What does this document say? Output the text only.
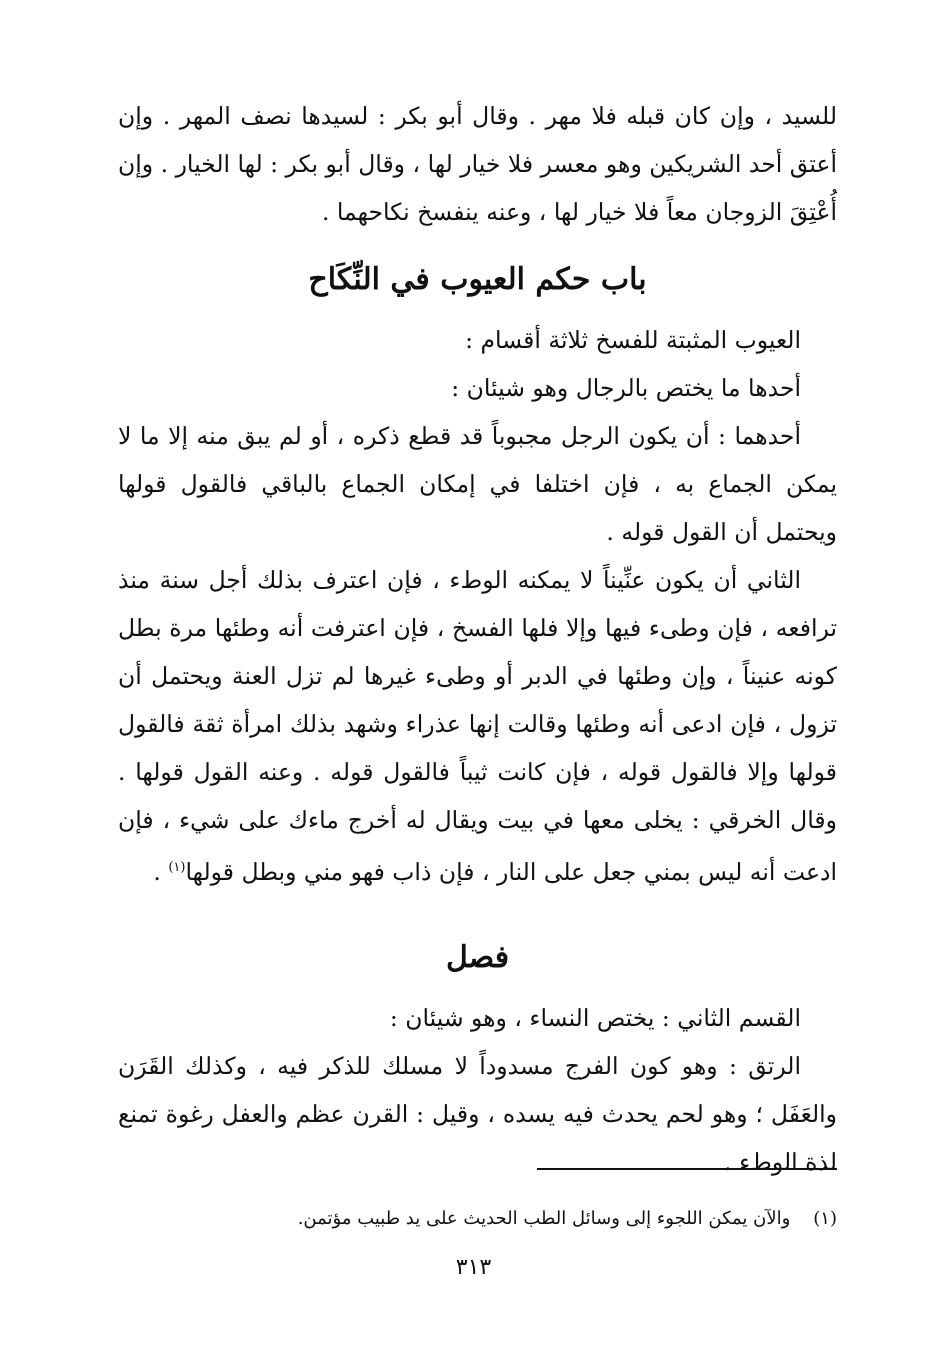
للسيد ، وإن كان قبله فلا مهر . وقال أبو بكر : لسيدها نصف المهر . وإن أعتق أحد الشريكين وهو معسر فلا خيار لها ، وقال أبو بكر : لها الخيار . وإن أُعْتِقَ الزوجان معاً فلا خيار لها ، وعنه ينفسخ نكاحهما .

باب حكم العيوب في النِّكَاح

العيوب المثبتة للفسخ ثلاثة أقسام :

أحدها ما يختص بالرجال وهو شيئان :

أحدهما : أن يكون الرجل مجبوباً قد قطع ذكره ، أو لم يبق منه إلا ما لا يمكن الجماع به ، فإن اختلفا في إمكان الجماع بالباقي فالقول قولها ويحتمل أن القول قوله .

الثاني أن يكون عنِّيناً لا يمكنه الوطء ، فإن اعترف بذلك أجل سنة منذ ترافعه ، فإن وطىء فيها وإلا فلها الفسخ ، فإن اعترفت أنه وطئها مرة بطل كونه عنيناً ، وإن وطئها في الدبر أو وطىء غيرها لم تزل العنة ويحتمل أن تزول ، فإن ادعى أنه وطئها وقالت إنها عذراء وشهد بذلك امرأة ثقة فالقول قولها وإلا فالقول قوله ، فإن كانت ثيباً فالقول قوله . وعنه القول قولها . وقال الخرقي : يخلى معها في بيت ويقال له أخرج ماءك على شيء ، فإن ادعت أنه ليس بمني جعل على النار ، فإن ذاب فهو مني وبطل قولها$^{(١)}$ .

فصل

القسم الثاني : يختص النساء ، وهو شيئان :

الرتق : وهو كون الفرج مسدوداً لا مسلك للذكر فيه ، وكذلك القَرَن والعَفَل ؛ وهو لحم يحدث فيه يسده ، وقيل : القرن عظم والعفل رغوة تمنع لذة الوطء .

(١)    والآن يمكن اللجوء إلى وسائل الطب الحديث على يد طبيب مؤتمن.
٣١٣
